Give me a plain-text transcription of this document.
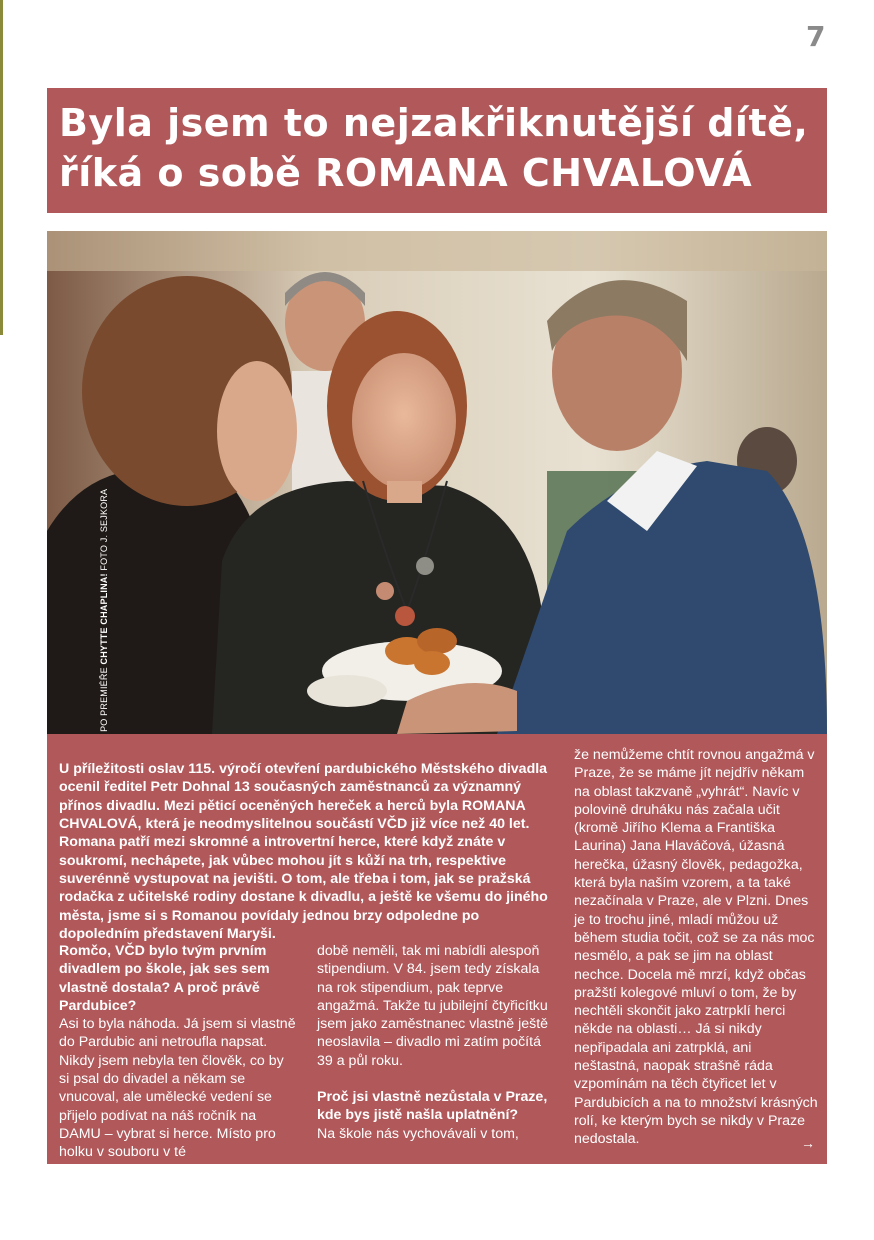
7
Byla jsem to nejzakřiknutější dítě,
říká o sobě ROMANA CHVALOVÁ
CHYTTE CHAPLINA! FOTO J. SEJKORA

U příležitosti oslav 115. výročí otevření pardubického Městského divadla ocenil ředitel Petr Dohnal 13 současných zaměstnanců za významný přínos divadlu. Mezi pěticí oceněných hereček a herců byla ROMANA CHVALOVÁ, která je neodmyslitelnou součástí VČD již více než 40 let. Romana patří mezi skromné a introvertní herce, které když znáte v soukromí, nechápete, jak vůbec mohou jít s kůží na trh, respektive suverénně vystupovat na jevišti. O tom, ale třeba i tom, jak se pražská rodačka z učitelské rodiny dostane k divadlu, a ještě ke všemu do jiného města, jsme si s Romanou povídaly jednou brzy odpoledne po dopoledním představení Maryši.

Romčo, VČD bylo tvým prvním divadlem po škole, jak ses sem vlastně dostala? A proč právě Pardubice?

Asi to byla náhoda. Já jsem si vlastně do Pardubic ani netroufla napsat. Nikdy jsem nebyla ten člověk, co by si psal do divadel a někam se vnucoval, ale umělecké vedení se přijelo podívat na náš ročník na DAMU – vybrat si herce. Místo pro holku v souboru v té

době neměli, tak mi nabídli alespoň stipendium. V 84. jsem tedy získala na rok stipendium, pak teprve angažmá. Takže tu jubilejní čtyřicítku jsem jako zaměstnanec vlastně ještě neoslavila – divadlo mi zatím počítá 39 a půl roku.

Proč jsi vlastně nezůstala v Praze, kde bys jistě našla uplatnění?

Na škole nás vychovávali v tom,

že nemůžeme chtít rovnou angažmá v Praze, že se máme jít nejdřív někam na oblast takzvaně „vyhrát“. Navíc v polovině druháku nás začala učit (kromě Jiřího Klema a Františka Laurina) Jana Hlaváčová, úžasná herečka, úžasný člověk, pedagožka, která byla naším vzorem, a ta také nezačínala v Praze, ale v Plzni. Dnes je to trochu jiné, mladí můžou už během studia točit, což se za nás moc nesmělo, a pak se jim na oblast nechce. Docela mě mrzí, když občas pražští kolegové mluví o tom, že by nechtěli skončit jako zatrpklí herci někde na oblasti… Já si nikdy nepřipadala ani zatrpklá, ani neštastná, naopak strašně ráda vzpomínám na těch čtyřicet let v Pardubicích a na to množství krásných rolí, ke kterým bych se nikdy v Praze nedostala.	→
